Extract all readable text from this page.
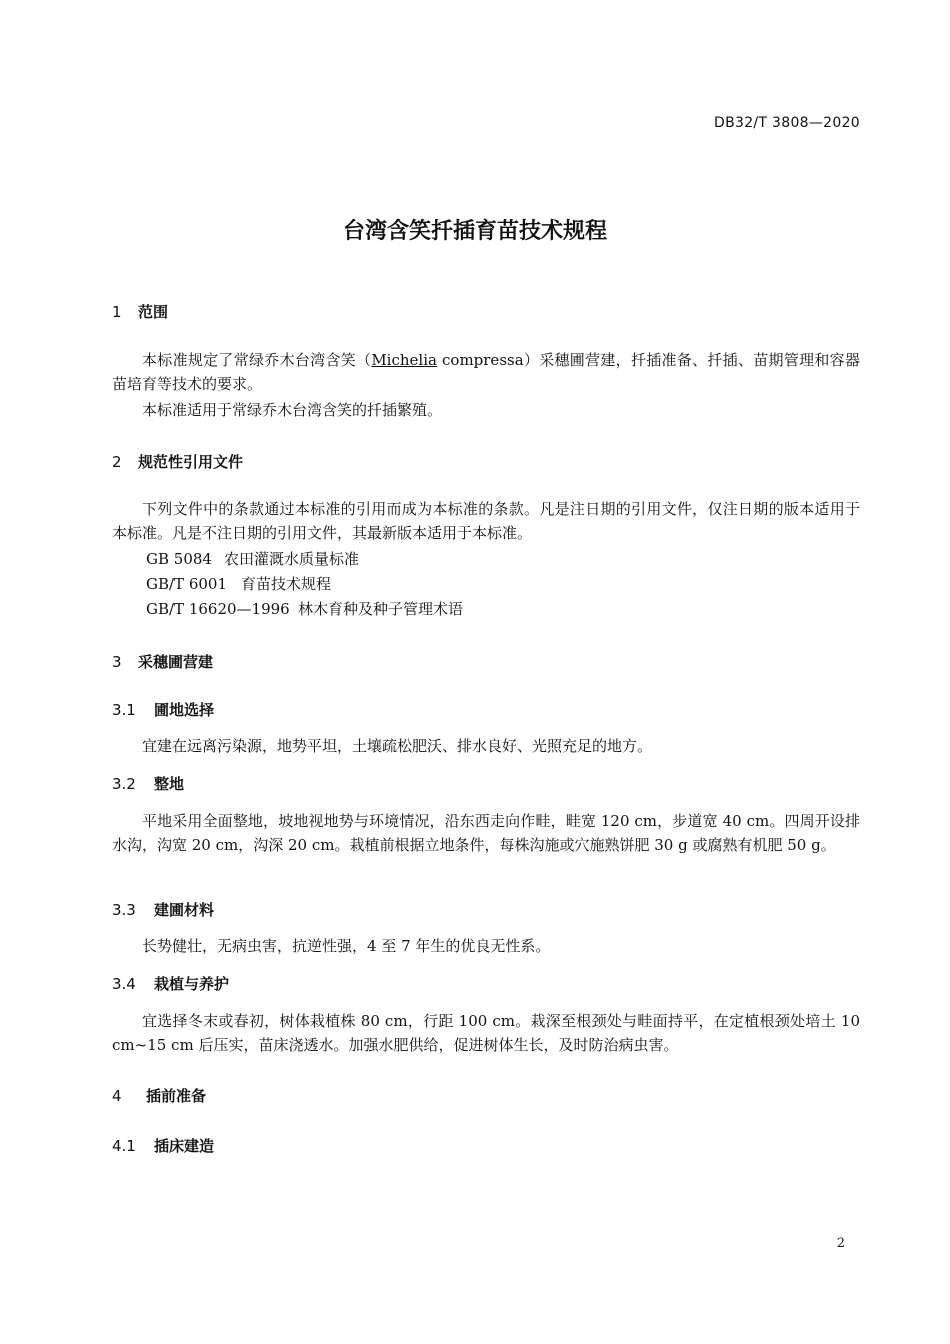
DB32/T 3808—2020
台湾含笑扦插育苗技术规程
1 范围
本标准规定了常绿乔木台湾含笑（Michelia compressa）采穗圃营建，扦插准备、扦插、苗期管理和容器苗培育等技术的要求。
本标准适用于常绿乔木台湾含笑的扦插繁殖。
2 规范性引用文件
下列文件中的条款通过本标准的引用而成为本标准的条款。凡是注日期的引用文件，仅注日期的版本适用于本标准。凡是不注日期的引用文件，其最新版本适用于本标准。
GB 5084 农田灌溉水质量标准
GB/T 6001 育苗技术规程
GB/T 16620—1996 林木育种及种子管理术语
3 采穗圃营建
3.1 圃地选择
宜建在远离污染源，地势平坦，土壤疏松肥沃、排水良好、光照充足的地方。
3.2 整地
平地采用全面整地，坡地视地势与环境情况，沿东西走向作畦，畦宽 120 cm，步道宽 40 cm。四周开设排水沟，沟宽 20 cm，沟深 20 cm。栽植前根据立地条件，每株沟施或穴施熟饼肥 30 g 或腐熟有机肥 50 g。
3.3 建圃材料
长势健壮，无病虫害，抗逆性强，4 至 7 年生的优良无性系。
3.4 栽植与养护
宜选择冬末或春初，树体栽植株 80 cm，行距 100 cm。栽深至根颈处与畦面持平，在定植根颈处培土 10 cm~15 cm 后压实，苗床浇透水。加强水肥供给，促进树体生长，及时防治病虫害。
4 插前准备
4.1 插床建造
2
